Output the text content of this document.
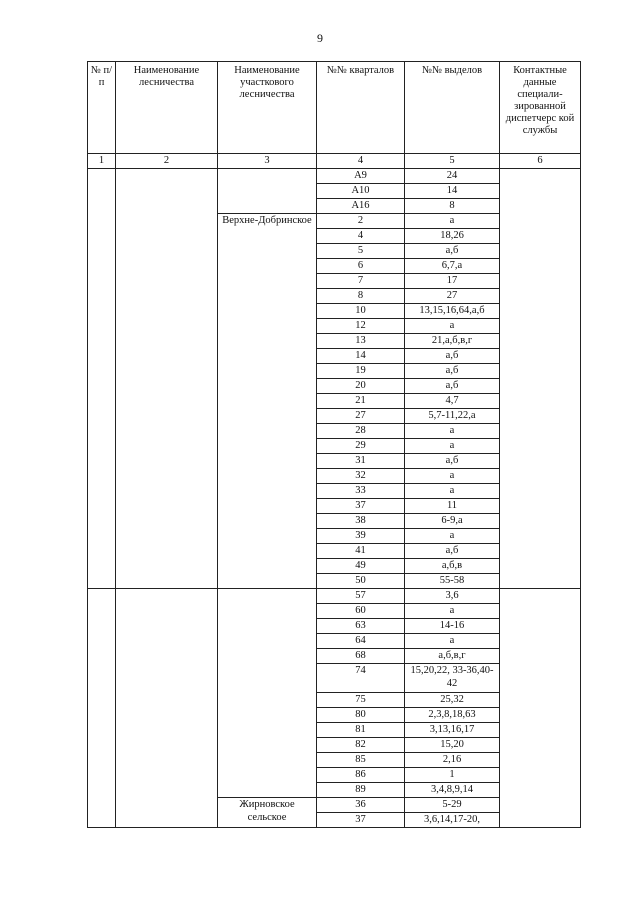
9
№ п/п	Наименование лесничества	Наименование участкового лесничества	№№ кварталов	№№ выделов	Контактные данные специали-зированной диспетчерс кой службы
1	2	3	4	5	6
			А9	24	
			А10	14	
			А16	8	
		Верхне-Добринское	2	а	
			4	18,26	
			5	а,б	
			6	6,7,а	
			7	17	
			8	27	
			10	13,15,16,64,а,б	
			12	а	
			13	21,а,б,в,г	
			14	а,б	
			19	а,б	
			20	а,б	
			21	4,7	
			27	5,7-11,22,а	
			28	а	
			29	а	
			31	а,б	
			32	а	
			33	а	
			37	11	
			38	6-9,а	
			39	а	
			41	а,б	
			49	а,б,в	
			50	55-58	
			57	3,6	
			60	а	
			63	14-16	
			64	а	
			68	а,б,в,г	
			74	15,20,22, 33-36,40-42	
			75	25,32	
			80	2,3,8,18,63	
			81	3,13,16,17	
			82	15,20	
			85	2,16	
			86	1	
			89	3,4,8,9,14	
		Жирновское сельское	36	5-29	
			37	3,6,14,17-20,	
